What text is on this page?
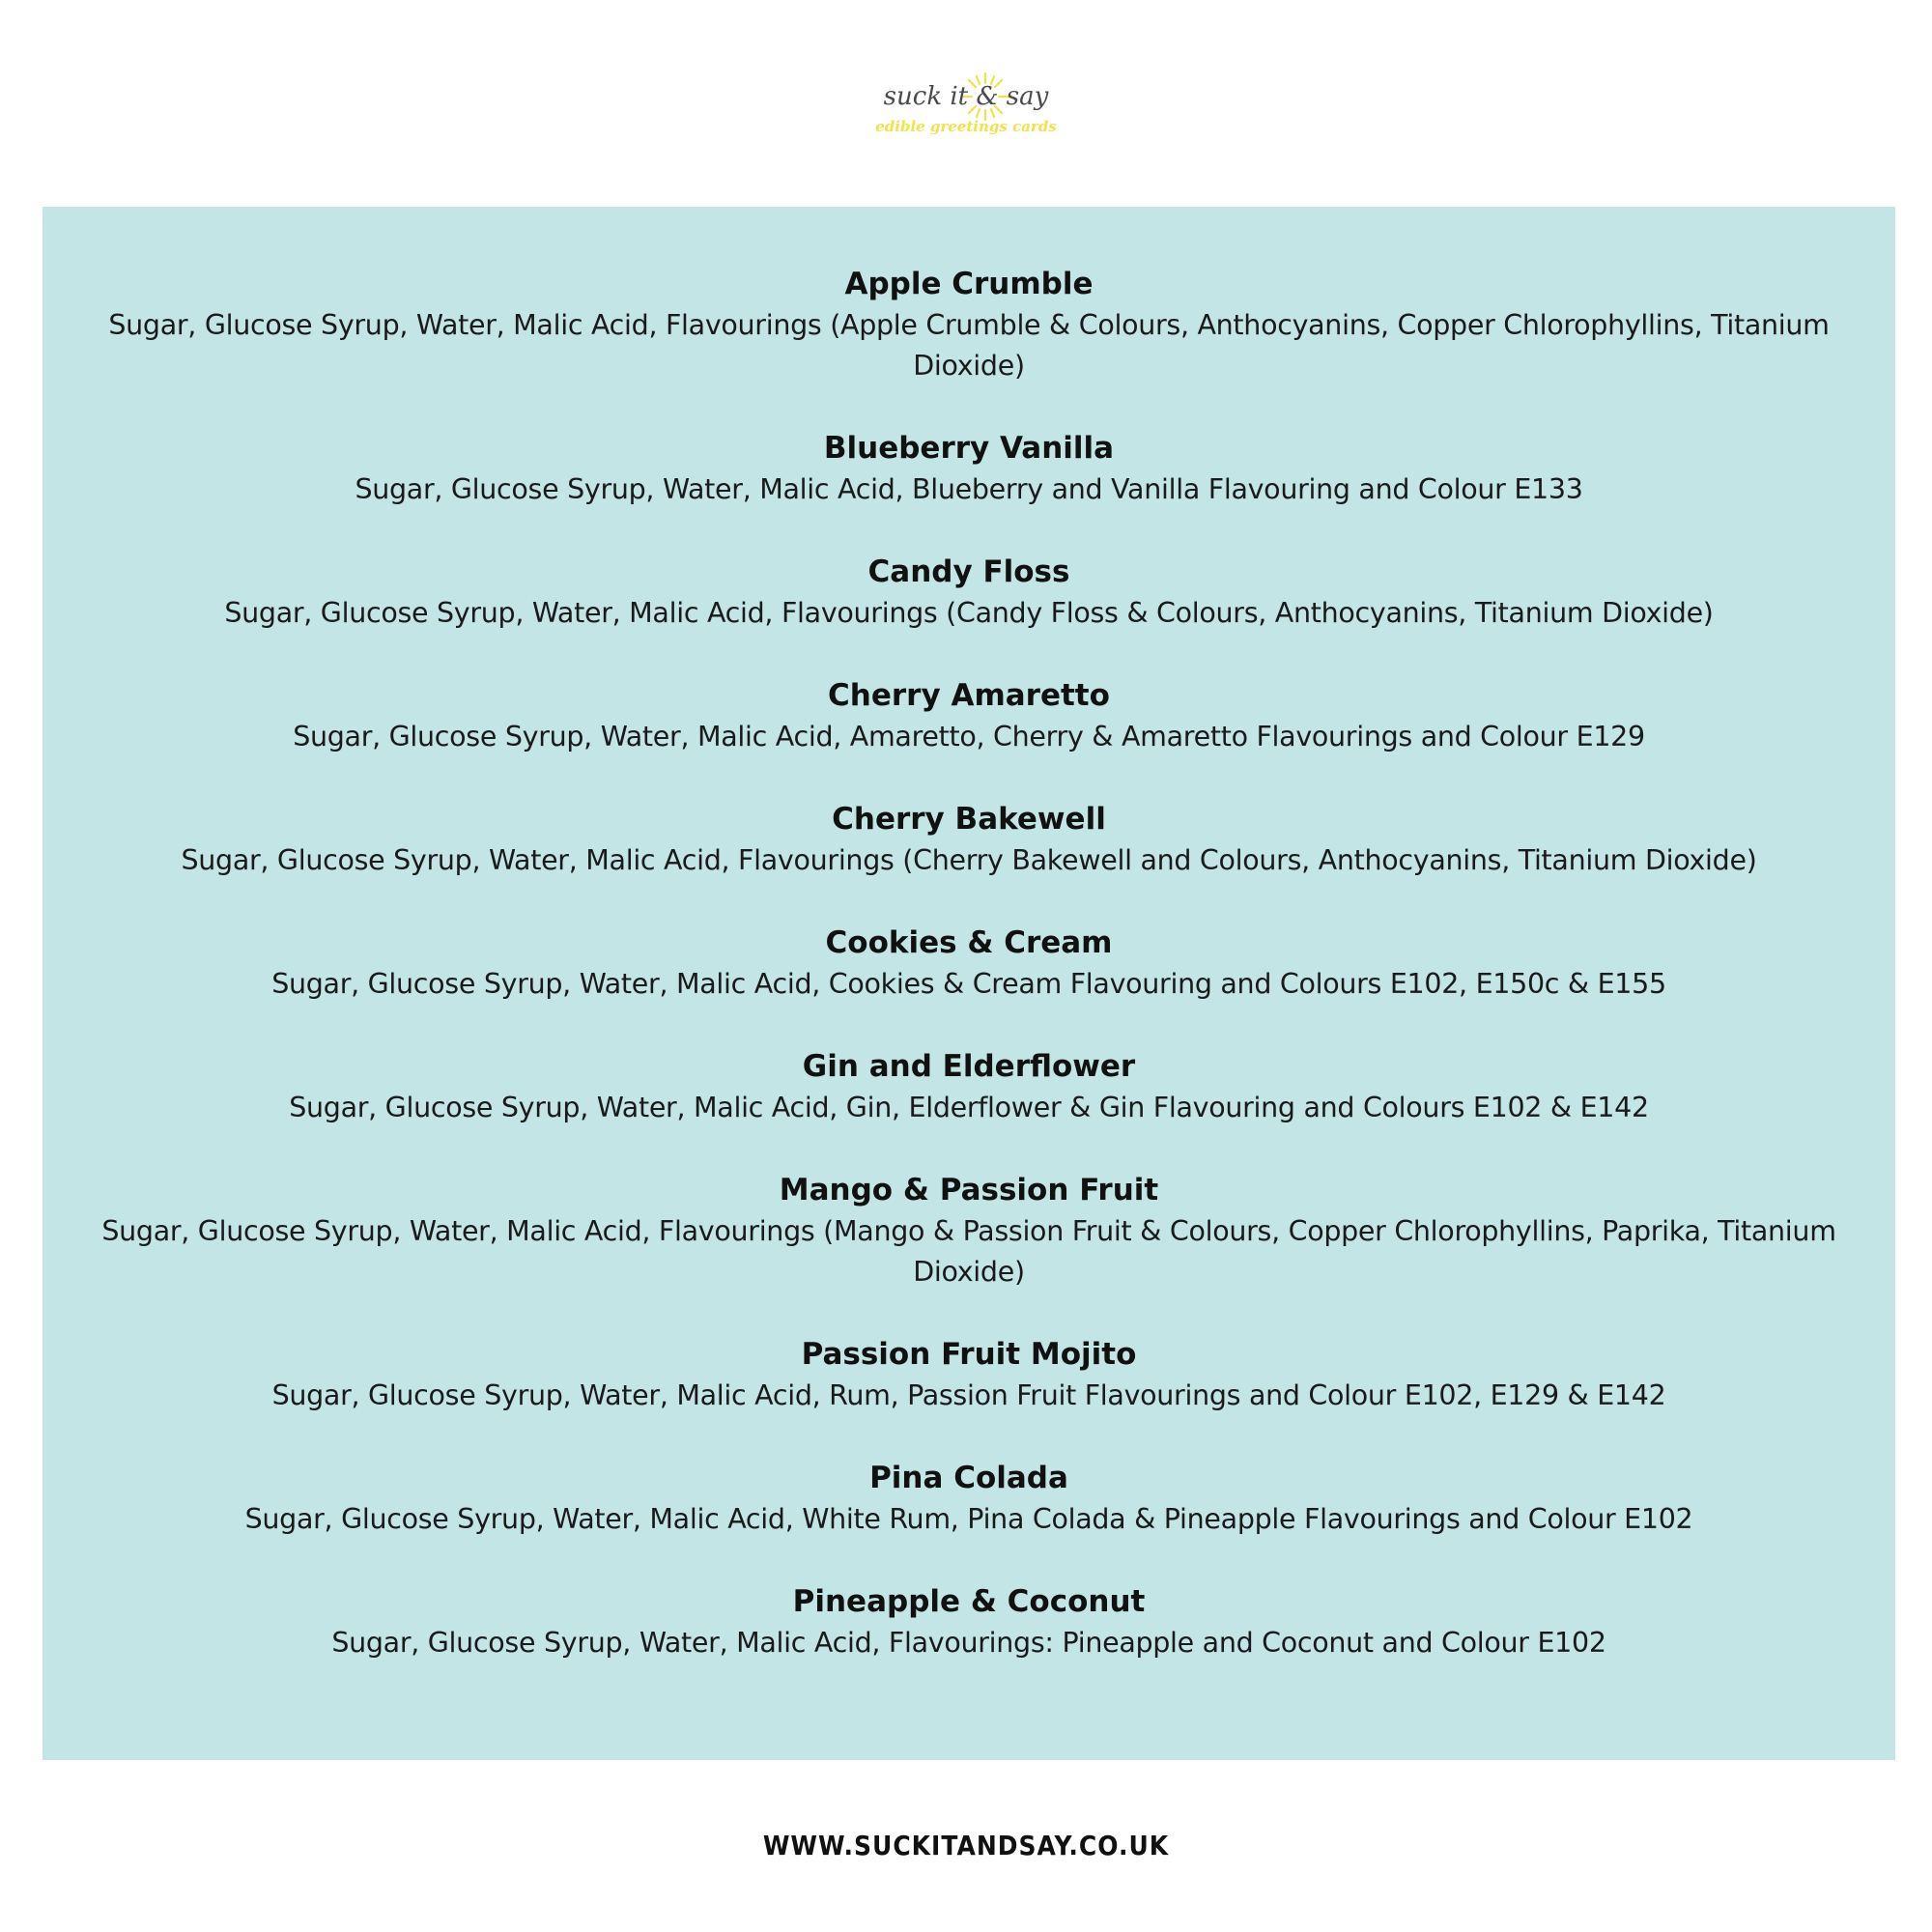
suck it & say
edible greetings cards
Apple Crumble
Sugar, Glucose Syrup, Water, Malic Acid, Flavourings (Apple Crumble & Colours, Anthocyanins, Copper Chlorophyllins, Titanium Dioxide)
Blueberry Vanilla
Sugar, Glucose Syrup, Water, Malic Acid, Blueberry and Vanilla Flavouring and Colour E133
Candy Floss
Sugar, Glucose Syrup, Water, Malic Acid, Flavourings (Candy Floss & Colours, Anthocyanins, Titanium Dioxide)
Cherry Amaretto
Sugar, Glucose Syrup, Water, Malic Acid, Amaretto, Cherry & Amaretto Flavourings and Colour E129
Cherry Bakewell
Sugar, Glucose Syrup, Water, Malic Acid, Flavourings (Cherry Bakewell and Colours, Anthocyanins, Titanium Dioxide)
Cookies & Cream
Sugar, Glucose Syrup, Water, Malic Acid, Cookies & Cream Flavouring and Colours E102, E150c & E155
Gin and Elderflower
Sugar, Glucose Syrup, Water, Malic Acid, Gin, Elderflower & Gin Flavouring and Colours E102 & E142
Mango & Passion Fruit
Sugar, Glucose Syrup, Water, Malic Acid, Flavourings (Mango & Passion Fruit & Colours, Copper Chlorophyllins, Paprika, Titanium Dioxide)
Passion Fruit Mojito
Sugar, Glucose Syrup, Water, Malic Acid, Rum, Passion Fruit Flavourings and Colour E102, E129 & E142
Pina Colada
Sugar, Glucose Syrup, Water, Malic Acid, White Rum, Pina Colada & Pineapple Flavourings and Colour E102
Pineapple & Coconut
Sugar, Glucose Syrup, Water, Malic Acid, Flavourings: Pineapple and Coconut and Colour E102
WWW.SUCKITANDSAY.CO.UK
